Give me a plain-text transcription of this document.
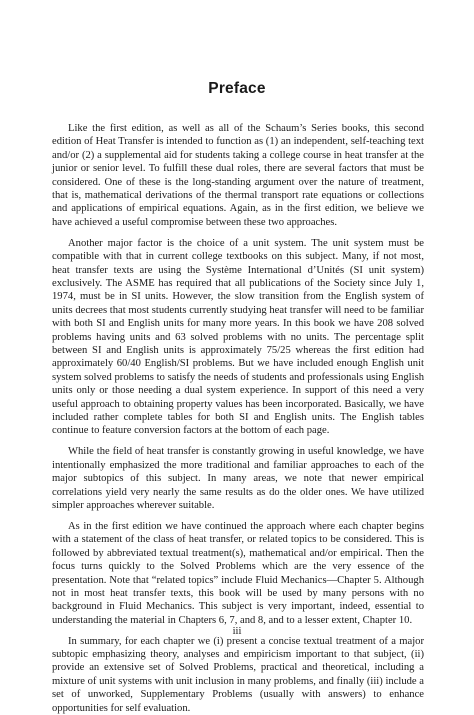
Preface

Like the first edition, as well as all of the Schaum’s Series books, this second edition of Heat Transfer is intended to function as (1) an independent, self-teaching text and/or (2) a supplemental aid for students taking a college course in heat transfer at the junior or senior level. To fulfill these dual roles, there are several factors that must be considered. One of these is the long-standing argument over the nature of treatment, that is, mathematical derivations of the thermal transport rate equations or collections and applications of empirical equations. Again, as in the first edition, we believe we have achieved a useful compromise between these two approaches.

Another major factor is the choice of a unit system. The unit system must be compatible with that in current college textbooks on this subject. Many, if not most, heat transfer texts are using the Système International d’Unités (SI unit system) exclusively. The ASME has required that all publications of the Society since July 1, 1974, must be in SI units. However, the slow transition from the English system of units decrees that most students currently studying heat transfer will need to be familiar with both SI and English units for many more years. In this book we have 208 solved problems having units and 63 solved problems with no units. The percentage split between SI and English units is approximately 75/25 whereas the first edition had approximately 60/40 English/SI problems. But we have included enough English unit system solved problems to satisfy the needs of students and professionals using English units only or those needing a dual system experience. In support of this need a very useful approach to obtaining property values has been incorporated. Basically, we have included rather complete tables for both SI and English units. The English tables continue to feature conversion factors at the bottom of each page.

While the field of heat transfer is constantly growing in useful knowledge, we have intentionally emphasized the more traditional and familiar approaches to each of the major subtopics of this subject. In many areas, we note that newer empirical correlations yield very nearly the same results as do the older ones. We have utilized simpler approaches wherever suitable.

As in the first edition we have continued the approach where each chapter begins with a statement of the class of heat transfer, or related topics to be considered. This is followed by abbreviated textual treatment(s), mathematical and/or empirical. Then the focus turns quickly to the Solved Problems which are the very essence of the presentation. Note that “related topics” include Fluid Mechanics—Chapter 5. Although not in most heat transfer texts, this book will be used by many persons with no background in Fluid Mechanics. This subject is very important, indeed, essential to understanding the material in Chapters 6, 7, and 8, and to a lesser extent, Chapter 10.

In summary, for each chapter we (i) present a concise textual treatment of a major subtopic emphasizing theory, analyses and empiricism important to that subject, (ii) provide an extensive set of Solved Problems, practical and theoretical, including a mixture of unit systems with unit inclusion in many problems, and finally (iii) include a set of unworked, Supplementary Problems (usually with answers) to enhance opportunities for self evaluation.

iii
